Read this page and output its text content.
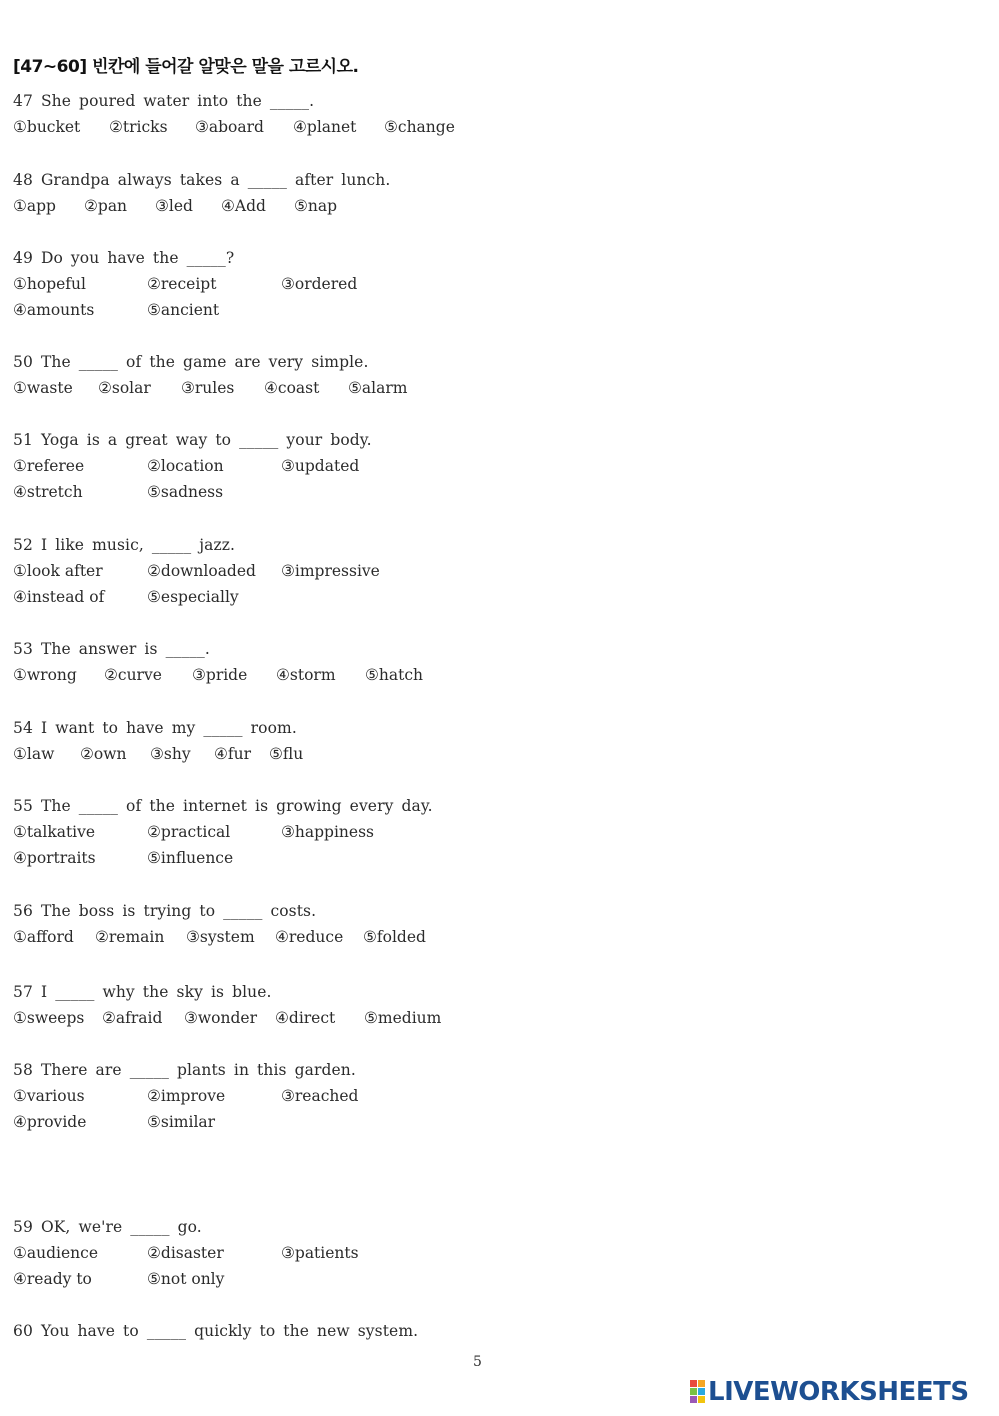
[47~60] 빈칸에 들어갈 알맞은 말을 고르시오.
47 She poured water into the _____.
①bucket ②tricks ③aboard ④planet ⑤change
48 Grandpa always takes a _____ after lunch.
①app ②pan ③led ④Add ⑤nap
49 Do you have the _____?
①hopeful	②receipt	③ordered
④amounts	⑤ancient
50 The _____ of the game are very simple.
①waste ②solar ③rules ④coast ⑤alarm
51 Yoga is a great way to _____ your body.
①referee	②location	③updated
④stretch	⑤sadness
52 I like music, _____ jazz.
①look after	②downloaded ③impressive
④instead of	⑤especially
53 The answer is _____.
①wrong ②curve ③pride ④storm ⑤hatch
54 I want to have my _____ room.
①law ②own ③shy ④fur ⑤flu
55 The _____ of the internet is growing every day.
①talkative	②practical	③happiness
④portraits	⑤influence
56 The boss is trying to _____ costs.
①afford ②remain ③system ④reduce ⑤folded
57 I _____ why the sky is blue.
①sweeps ②afraid ③wonder ④direct ⑤medium
58 There are _____ plants in this garden.
①various	②improve	③reached
④provide	⑤similar
59 OK, we're _____ go.
①audience	②disaster	③patients
④ready to	⑤not only
60 You have to _____ quickly to the new system.
5
LIVEWORKSHEETS
